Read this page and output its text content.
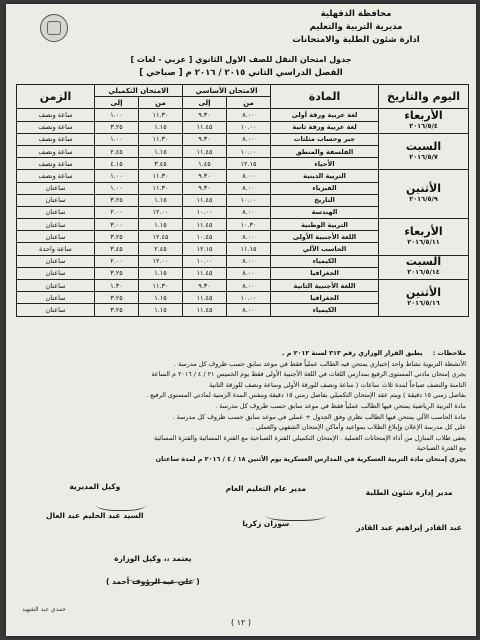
محافظة الدقهلية
مديرية التربية والتعليم
ادارة شئون الطلبة والامتحانات
جدول امتحان النقل للصف الاول الثانوي [ عربي - لغات ]
الفصل الدراسي الثاني ٢٠١٥ / ٢٠١٦ م [ صباحي ]
اليوم والتاريخ	المادة	الامتحان الأساسي		الامتحان التكميلي		الزمن
		من	إلى	من	إلى	

الأربعاء
٢٠١٦/٥/٤	لغة عربية ورقة أولى	٨.٠٠	٩.٣٠	١١.٣٠	١.٠٠	ساعة ونصف
	لغة عربية ورقة ثانية	١٠.٠٠	١١.٤٥	١.١٥	٣.٢٥	ساعة ونصف

السبت
٢٠١٦/٥/٧	جبر وحساب مثلثات	٨.٠٠	٩.٣٠	١١.٣٠	١.٠٠	ساعة ونصف
	الفلسفة والمنطق	١٠.٠٠	١١.٤٥	١.١٥	٢.٤٥	ساعة ونصف
	الأحياء	١٢.١٥	١.٤٥	٣.٤٥	٤.١٥	ساعة ونصف

الأثنين
٢٠١٦/٥/٩	التربية الدينية	٨.٠٠	٩.٣٠	١١.٣٠	١.٠٠	ساعة ونصف
	الفيزياء	٨.٠٠	٩.٣٠	١١.٣٠	١.٠٠	ساعتان
	التاريخ	١٠.٠٠	١١.٤٥	١.١٥	٣.٢٥	ساعتان
	الهندسة	٨.٠٠	١٠.٠٠	١٢.٠٠	٢.٠٠	ساعتان

الأربعاء
٢٠١٦/٥/١١	التربية الوطنية	١٠.٣٠	١١.٤٥	١.١٥	٣.٠٠	ساعتان
	اللغة الأجنبية الأولى	٨.٠٠	١٠.٤٥	١٢.٤٥	٣.٢٥	ساعتان
	الحاسب الآلي	١١.١٥	١٢.١٥	٢.٤٥	٣.٤٥	ساعة واحدة

السبت
٢٠١٦/٥/١٤	الكيمياء	٨.٠٠	١٠.٠٠	١٢.٠٠	٢.٠٠	ساعتان
	الجغرافيا	٨.٠٠	١١.٤٥	١.١٥	٣.٢٥	ساعتان

الأثنين
٢٠١٦/٥/١٦	اللغة الأجنبية الثانية	٨.٠٠	٩.٣٠	١١.٣٠	١.٣٠	ساعتان
	الجغرافيا	١٠.٠٠	١١.٤٥	١.١٥	٣.٢٥	ساعتان
	الكيمياء	٨.٠٠	١١.٤٥	١.١٥	٣.٢٥	ساعتان
ملاحظات :     يطبق القرار الوزاري رقم ٣١٣ لسنة ٢٠١٢ م .
الأنشطة التربوية نشاط واحد إختياري يمتحن فيه الطالب عملياً فقط في موعد سابق حسب ظروف كل مدرسة .
يجري إمتحان مادتي المستوى الرفيع بمدارس اللغات في اللغة الأجنبية الأولى فقط يوم الخميس ٢١ / ٤ / ٢٠١٦ م الساعة
الثامنة والنصف صباحاً لمدة ثلاث ساعات ( ساعة ونصف للورقة الأولى وساعة ونصف للورقة الثانية
بفاصل زمني ١٥ دقيقة ) ويتم عقد الإمتحان التكميلي بفاصل زمني ١٥ دقيقة وبنفس المدة الزمنية لمادتي المستوى الرفيع .
مادة التربية الرياضية يمتحن فيها الطالب عملياً فقط في موعد سابق حسب ظروف كل مدرسة .
مادة الحاسب الآلي يمتحن فيها الطالب نظري وفق الجدول + عملي في موعد سابق حسب ظروف كل مدرسة .
على كل مدرسة الإعلان وإبلاغ الطلاب بمواعيد وأماكن الإمتحان الشفهي والعملي .
يعفى طلاب المنازل من أداء الإمتحانات العملية . الإمتحان التكميلي الفترة الصباحية مع الفترة المسائية والفترة المسائية
مع الفترة الصباحية
يجري إمتحان مادة التربية العسكرية في المدارس العسكرية يوم الأثنين ١٨ / ٤ / ٢٠١٦ م لمدة ساعتان
مدير إدارة شئون الطلبة
عبد القادر إبراهيم عبد القادر
مدير عام التعليم العام
سوزان زكريا
وكيل المديرية
السيد عبد الحليم عبد العال
يعتمد ،، وكيل الوزارة
( علي عبد الرؤوف أحمد )
حمدي عبد الشهيد
( ١٢ )
